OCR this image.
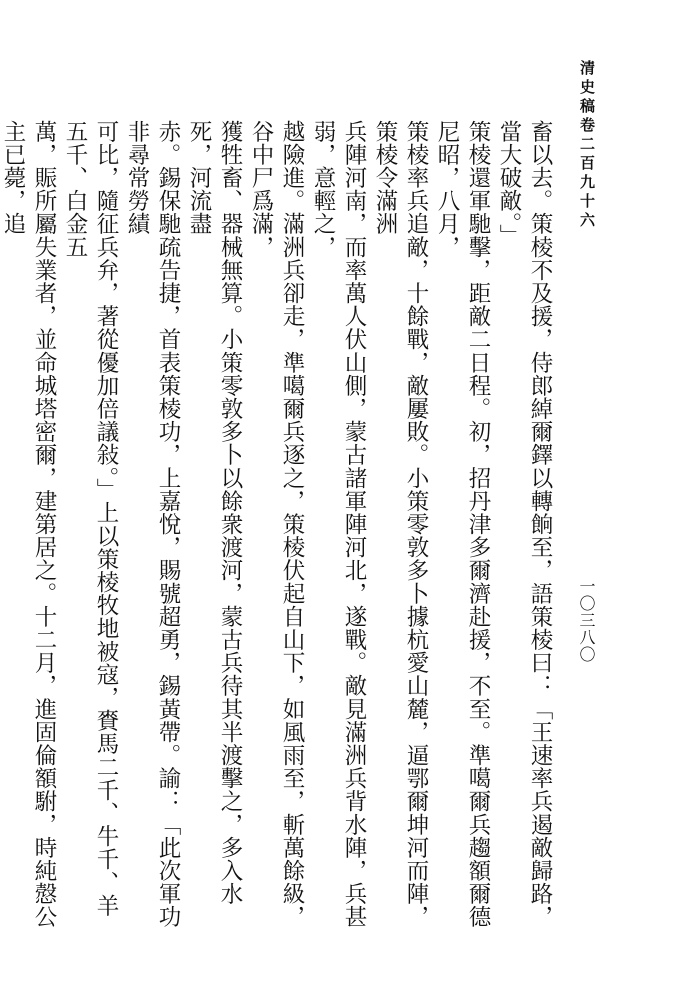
清史稿卷二百九十六
一〇三八〇

畜以去。策棱不及援，侍郎綽爾鐸以轉餉至，語策棱曰：「王速率兵遏敵歸路，當大破敵。」

策棱還軍馳擊，距敵二日程。初，招丹津多爾濟赴援，不至。準噶爾兵趨額爾德尼昭，八月，

策棱率兵追敵，十餘戰，敵屢敗。小策零敦多卜據杭愛山麓，逼鄂爾坤河而陣，策棱令滿洲

兵陣河南，而率萬人伏山側，蒙古諸軍陣河北，遂戰。敵見滿洲兵背水陣，兵甚弱，意輕之，

越險進。滿洲兵卻走，準噶爾兵逐之，策棱伏起自山下，如風雨至，斬萬餘級，谷中尸爲滿，

獲牲畜、器械無算。小策零敦多卜以餘衆渡河，蒙古兵待其半渡擊之，多入水死，河流盡

赤。錫保馳疏告捷，首表策棱功，上嘉悅，賜號超勇，錫黃帶。諭：「此次軍功非尋常勞績

可比，隨征兵弁，著從優加倍議敍。」上以策棱牧地被寇，賚馬二千、牛千、羊五千、白金五

萬，賑所屬失業者，並命城塔密爾，建第居之。十二月，進固倫額駙，時純慤公主已薨，追
